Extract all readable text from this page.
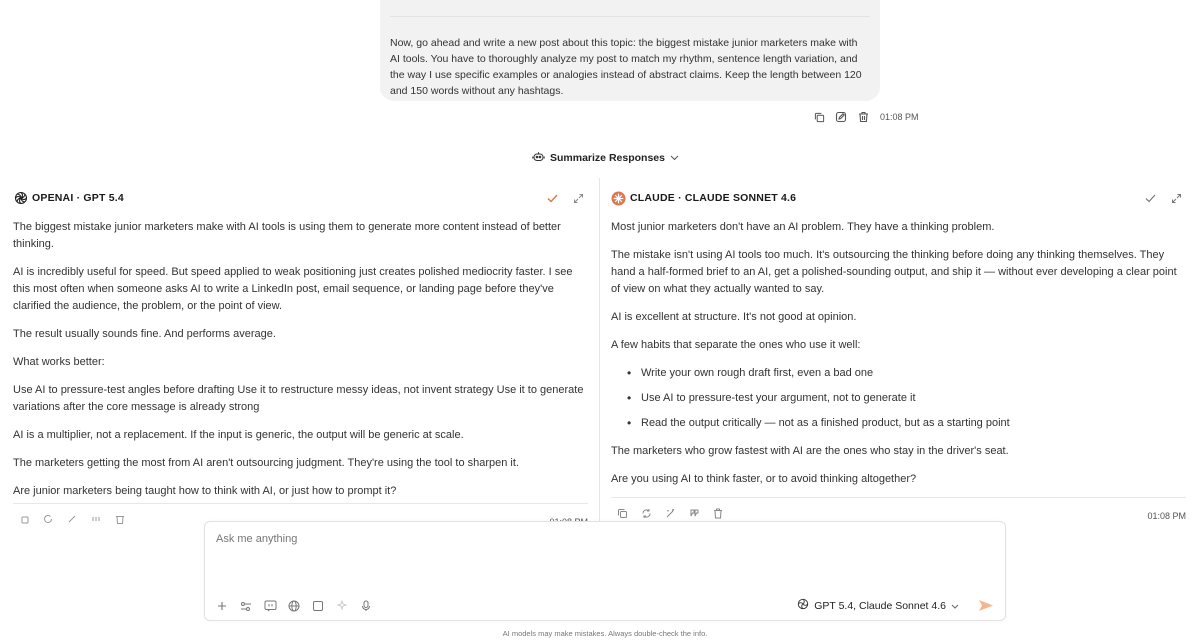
Now, go ahead and write a new post about this topic: the biggest mistake junior marketers make with AI tools. You have to thoroughly analyze my post to match my rhythm, sentence length variation, and the way I use specific examples or analogies instead of abstract claims. Keep the length between 120 and 150 words without any hashtags.
01:08 PM
Summarize Responses
OPENAI · GPT 5.4

The biggest mistake junior marketers make with AI tools is using them to generate more content instead of better thinking.

AI is incredibly useful for speed. But speed applied to weak positioning just creates polished mediocrity faster. I see this most often when someone asks AI to write a LinkedIn post, email sequence, or landing page before they've clarified the audience, the problem, or the point of view.

The result usually sounds fine. And performs average.

What works better:

Use AI to pressure-test angles before drafting Use it to restructure messy ideas, not invent strategy Use it to generate variations after the core message is already strong

AI is a multiplier, not a replacement. If the input is generic, the output will be generic at scale.

The marketers getting the most from AI aren't outsourcing judgment. They're using the tool to sharpen it.

Are junior marketers being taught how to think with AI, or just how to prompt it?

CLAUDE · CLAUDE SONNET 4.6

Most junior marketers don't have an AI problem. They have a thinking problem.

The mistake isn't using AI tools too much. It's outsourcing the thinking before doing any thinking themselves. They hand a half-formed brief to an AI, get a polished-sounding output, and ship it — without ever developing a clear point of view on what they actually wanted to say.

AI is excellent at structure. It's not good at opinion.

A few habits that separate the ones who use it well:

• Write your own rough draft first, even a bad one
• Use AI to pressure-test your argument, not to generate it
• Read the output critically — not as a finished product, but as a starting point

The marketers who grow fastest with AI are the ones who stay in the driver's seat.

Are you using AI to think faster, or to avoid thinking altogether?

01:08 PM
Ask me anything
GPT 5.4, Claude Sonnet 4.6
AI models may make mistakes. Always double-check the info.
